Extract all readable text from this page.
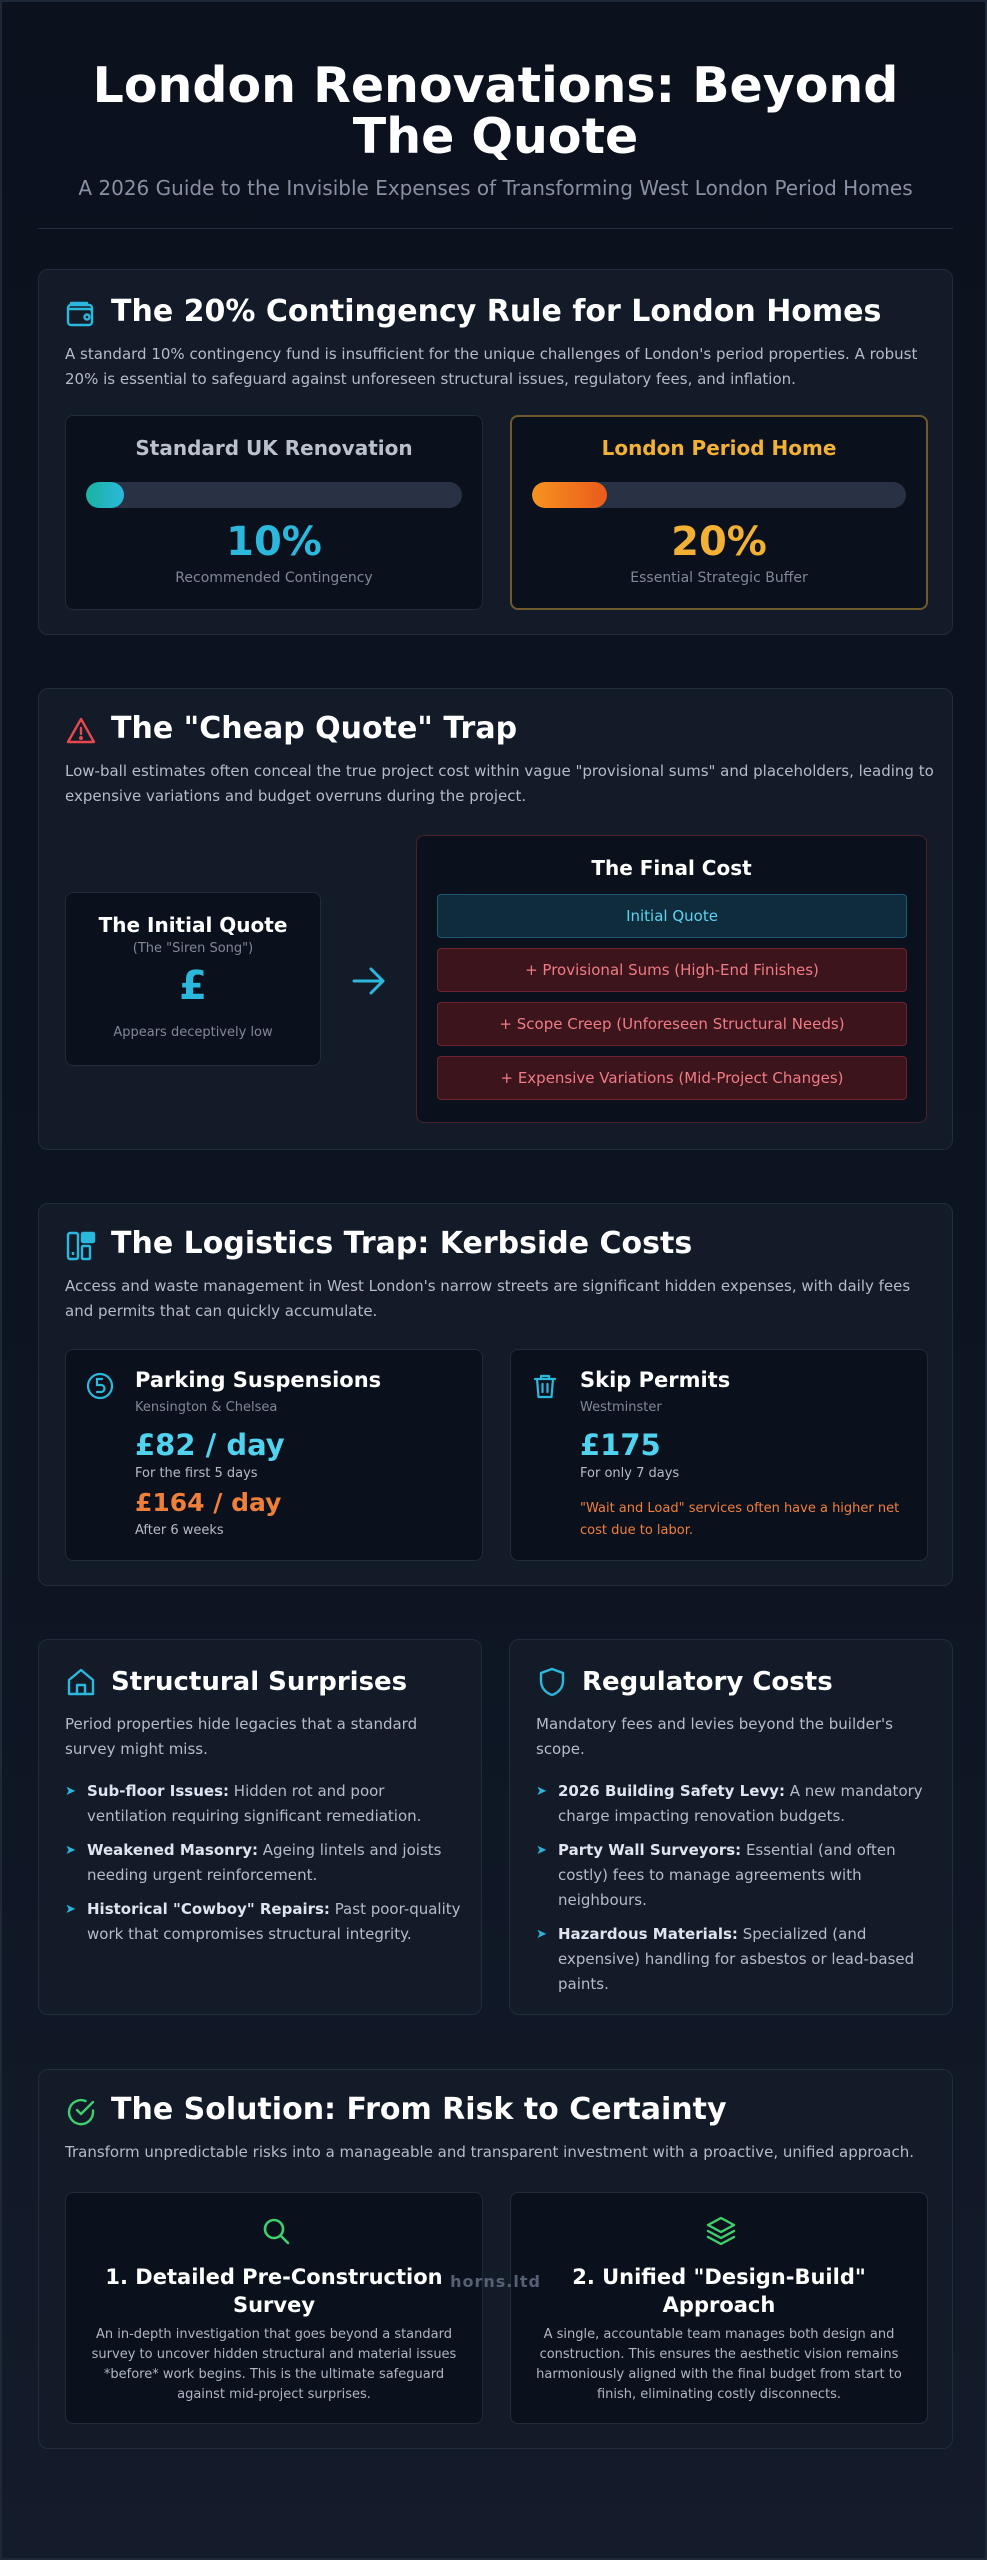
London Renovations: Beyond The Quote
A 2026 Guide to the Invisible Expenses of Transforming West London Period Homes
The 20% Contingency Rule for London Homes
A standard 10% contingency fund is insufficient for the unique challenges of London's period properties. A robust 20% is essential to safeguard against unforeseen structural issues, regulatory fees, and inflation.
Standard UK Renovation
10%
Recommended Contingency
London Period Home
20%
Essential Strategic Buffer
The "Cheap Quote" Trap
Low-ball estimates often conceal the true project cost within vague "provisional sums" and placeholders, leading to expensive variations and budget overruns during the project.
The Initial Quote
(The "Siren Song")
£
Appears deceptively low
The Final Cost
Initial Quote
+ Provisional Sums (High-End Finishes)
+ Scope Creep (Unforeseen Structural Needs)
+ Expensive Variations (Mid-Project Changes)
The Logistics Trap: Kerbside Costs
Access and waste management in West London's narrow streets are significant hidden expenses, with daily fees and permits that can quickly accumulate.
Parking Suspensions
Kensington & Chelsea
£82 / day
For the first 5 days
£164 / day
After 6 weeks
Skip Permits
Westminster
£175
For only 7 days
"Wait and Load" services often have a higher net cost due to labor.
Structural Surprises
Period properties hide legacies that a standard survey might miss.
➤ Sub-floor Issues: Hidden rot and poor ventilation requiring significant remediation.
➤ Weakened Masonry: Ageing lintels and joists needing urgent reinforcement.
➤ Historical "Cowboy" Repairs: Past poor-quality work that compromises structural integrity.
Regulatory Costs
Mandatory fees and levies beyond the builder's scope.
➤ 2026 Building Safety Levy: A new mandatory charge impacting renovation budgets.
➤ Party Wall Surveyors: Essential (and often costly) fees to manage agreements with neighbours.
➤ Hazardous Materials: Specialized (and expensive) handling for asbestos or lead-based paints.
The Solution: From Risk to Certainty
Transform unpredictable risks into a manageable and transparent investment with a proactive, unified approach.
1. Detailed Pre-Construction Survey
An in-depth investigation that goes beyond a standard survey to uncover hidden structural and material issues *before* work begins. This is the ultimate safeguard against mid-project surprises.
2. Unified "Design-Build" Approach
A single, accountable team manages both design and construction. This ensures the aesthetic vision remains harmoniously aligned with the final budget from start to finish, eliminating costly disconnects.
horns.ltd
